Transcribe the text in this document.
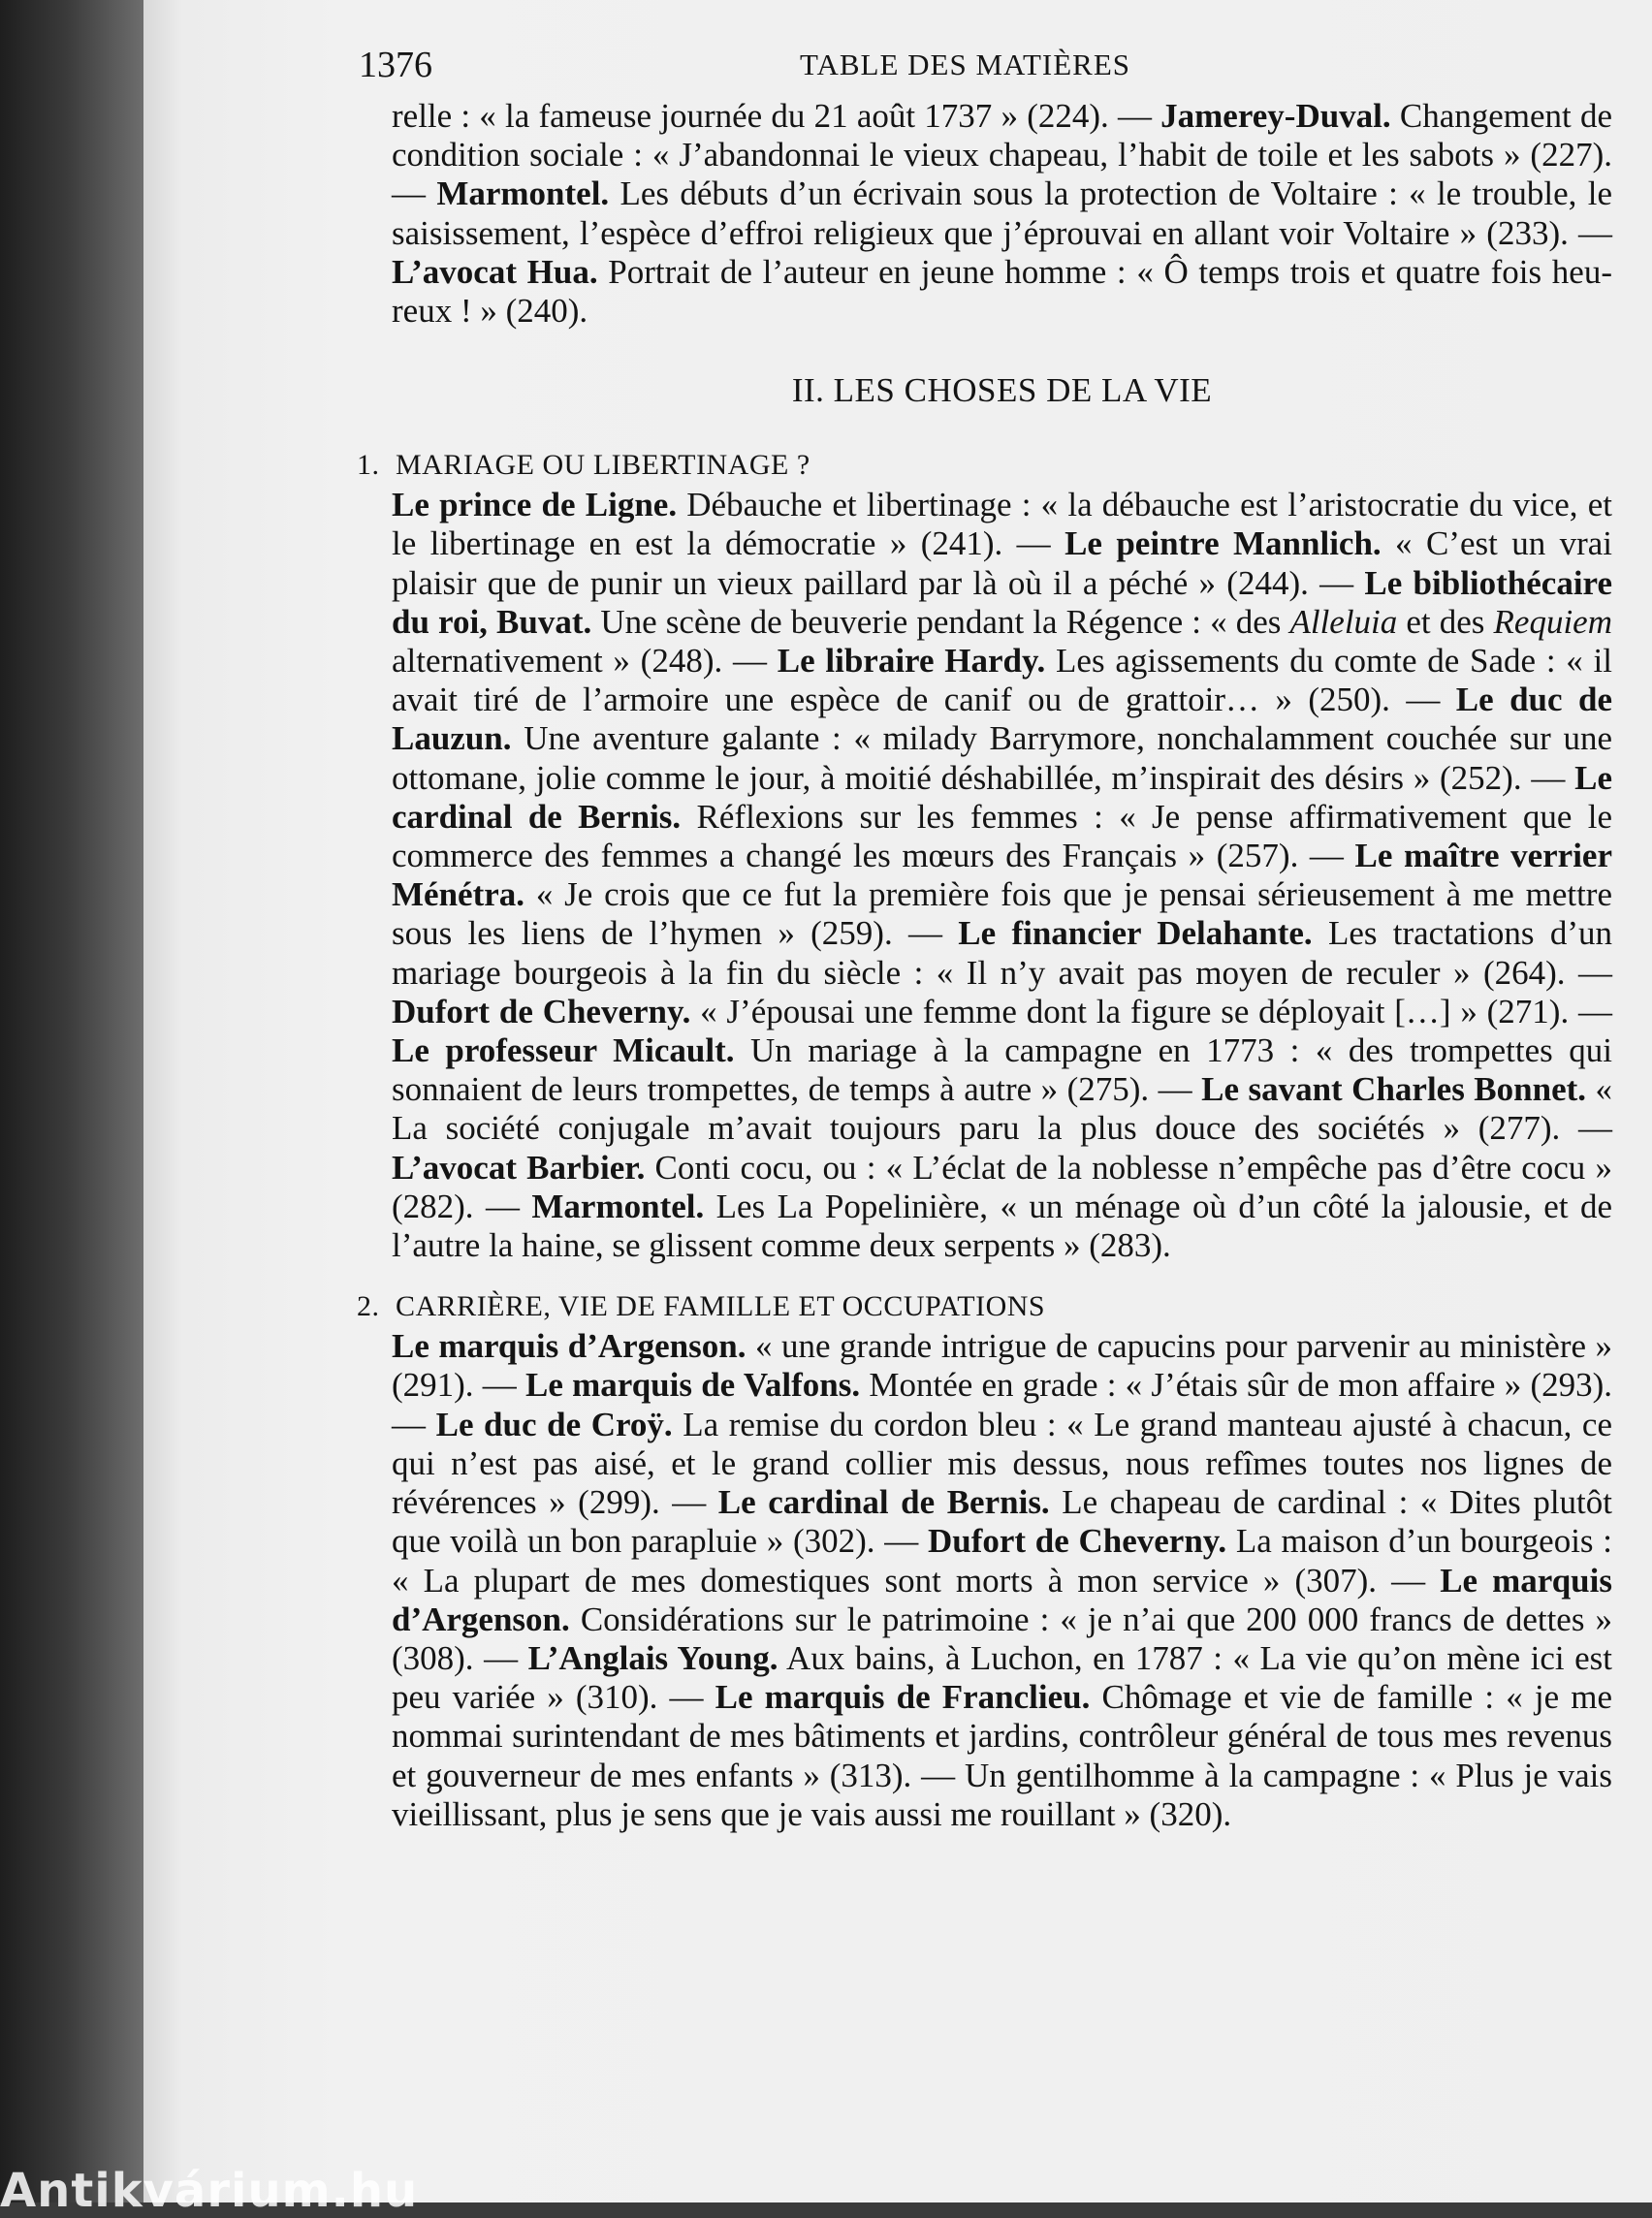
1376	TABLE DES MATIÈRES

relle : « la fameuse journée du 21 août 1737 » (224). — Jamerey-Duval. Changement de condition sociale : « J’abandonnai le vieux chapeau, l’habit de toile et les sabots » (227). — Marmontel. Les débuts d’un écrivain sous la protection de Voltaire : « le trouble, le saisissement, l’espèce d’effroi religieux que j’éprouvai en allant voir Voltaire » (233). — L’avocat Hua. Portrait de l’auteur en jeune homme : « Ô temps trois et quatre fois heureux ! » (240).

II. LES CHOSES DE LA VIE
1. MARIAGE OU LIBERTINAGE ?

Le prince de Ligne. Débauche et libertinage : « la débauche est l’aristocratie du vice, et le libertinage en est la démocratie » (241). — Le peintre Mannlich. « C’est un vrai plaisir que de punir un vieux paillard par là où il a péché » (244). — Le bibliothécaire du roi, Buvat. Une scène de beuverie pendant la Régence : « des Alleluia et des Requiem alternativement » (248). — Le libraire Hardy. Les agissements du comte de Sade : « il avait tiré de l’armoire une espèce de canif ou de grattoir… » (250). — Le duc de Lauzun. Une aventure galante : « milady Barrymore, nonchalamment couchée sur une ottomane, jolie comme le jour, à moitié déshabillée, m’inspirait des désirs » (252). — Le cardinal de Bernis. Réflexions sur les femmes : « Je pense affirmativement que le commerce des femmes a changé les mœurs des Français » (257). — Le maître verrier Ménétra. « Je crois que ce fut la première fois que je pensai sérieusement à me mettre sous les liens de l’hymen » (259). — Le financier Delahante. Les tractations d’un mariage bourgeois à la fin du siècle : « Il n’y avait pas moyen de reculer » (264). — Dufort de Cheverny. « J’épousai une femme dont la figure se déployait […] » (271). — Le professeur Micault. Un mariage à la campagne en 1773 : « des trompettes qui sonnaient de leurs trompettes, de temps à autre » (275). — Le savant Charles Bonnet. « La société conjugale m’avait toujours paru la plus douce des sociétés » (277). — L’avocat Barbier. Conti cocu, ou : « L’éclat de la noblesse n’empêche pas d’être cocu » (282). — Marmontel. Les La Popelinière, « un ménage où d’un côté la jalousie, et de l’autre la haine, se glissent comme deux serpents » (283).

2. CARRIÈRE, VIE DE FAMILLE ET OCCUPATIONS

Le marquis d’Argenson. « une grande intrigue de capucins pour parvenir au ministère » (291). — Le marquis de Valfons. Montée en grade : « J’étais sûr de mon affaire » (293). — Le duc de Croÿ. La remise du cordon bleu : « Le grand manteau ajusté à chacun, ce qui n’est pas aisé, et le grand collier mis dessus, nous refîmes toutes nos lignes de révérences » (299). — Le cardinal de Bernis. Le chapeau de cardinal : « Dites plutôt que voilà un bon parapluie » (302). — Dufort de Cheverny. La maison d’un bourgeois : « La plupart de mes domestiques sont morts à mon service » (307). — Le marquis d’Argenson. Considérations sur le patrimoine : « je n’ai que 200 000 francs de dettes » (308). — L’Anglais Young. Aux bains, à Luchon, en 1787 : « La vie qu’on mène ici est peu variée » (310). — Le marquis de Franclieu. Chômage et vie de famille : « je me nommai surintendant de mes bâtiments et jardins, contrôleur général de tous mes revenus et gouverneur de mes enfants » (313). — Un gentilhomme à la campagne : « Plus je vais vieillissant, plus je sens que je vais aussi me rouillant » (320).

Antikvárium.hu
